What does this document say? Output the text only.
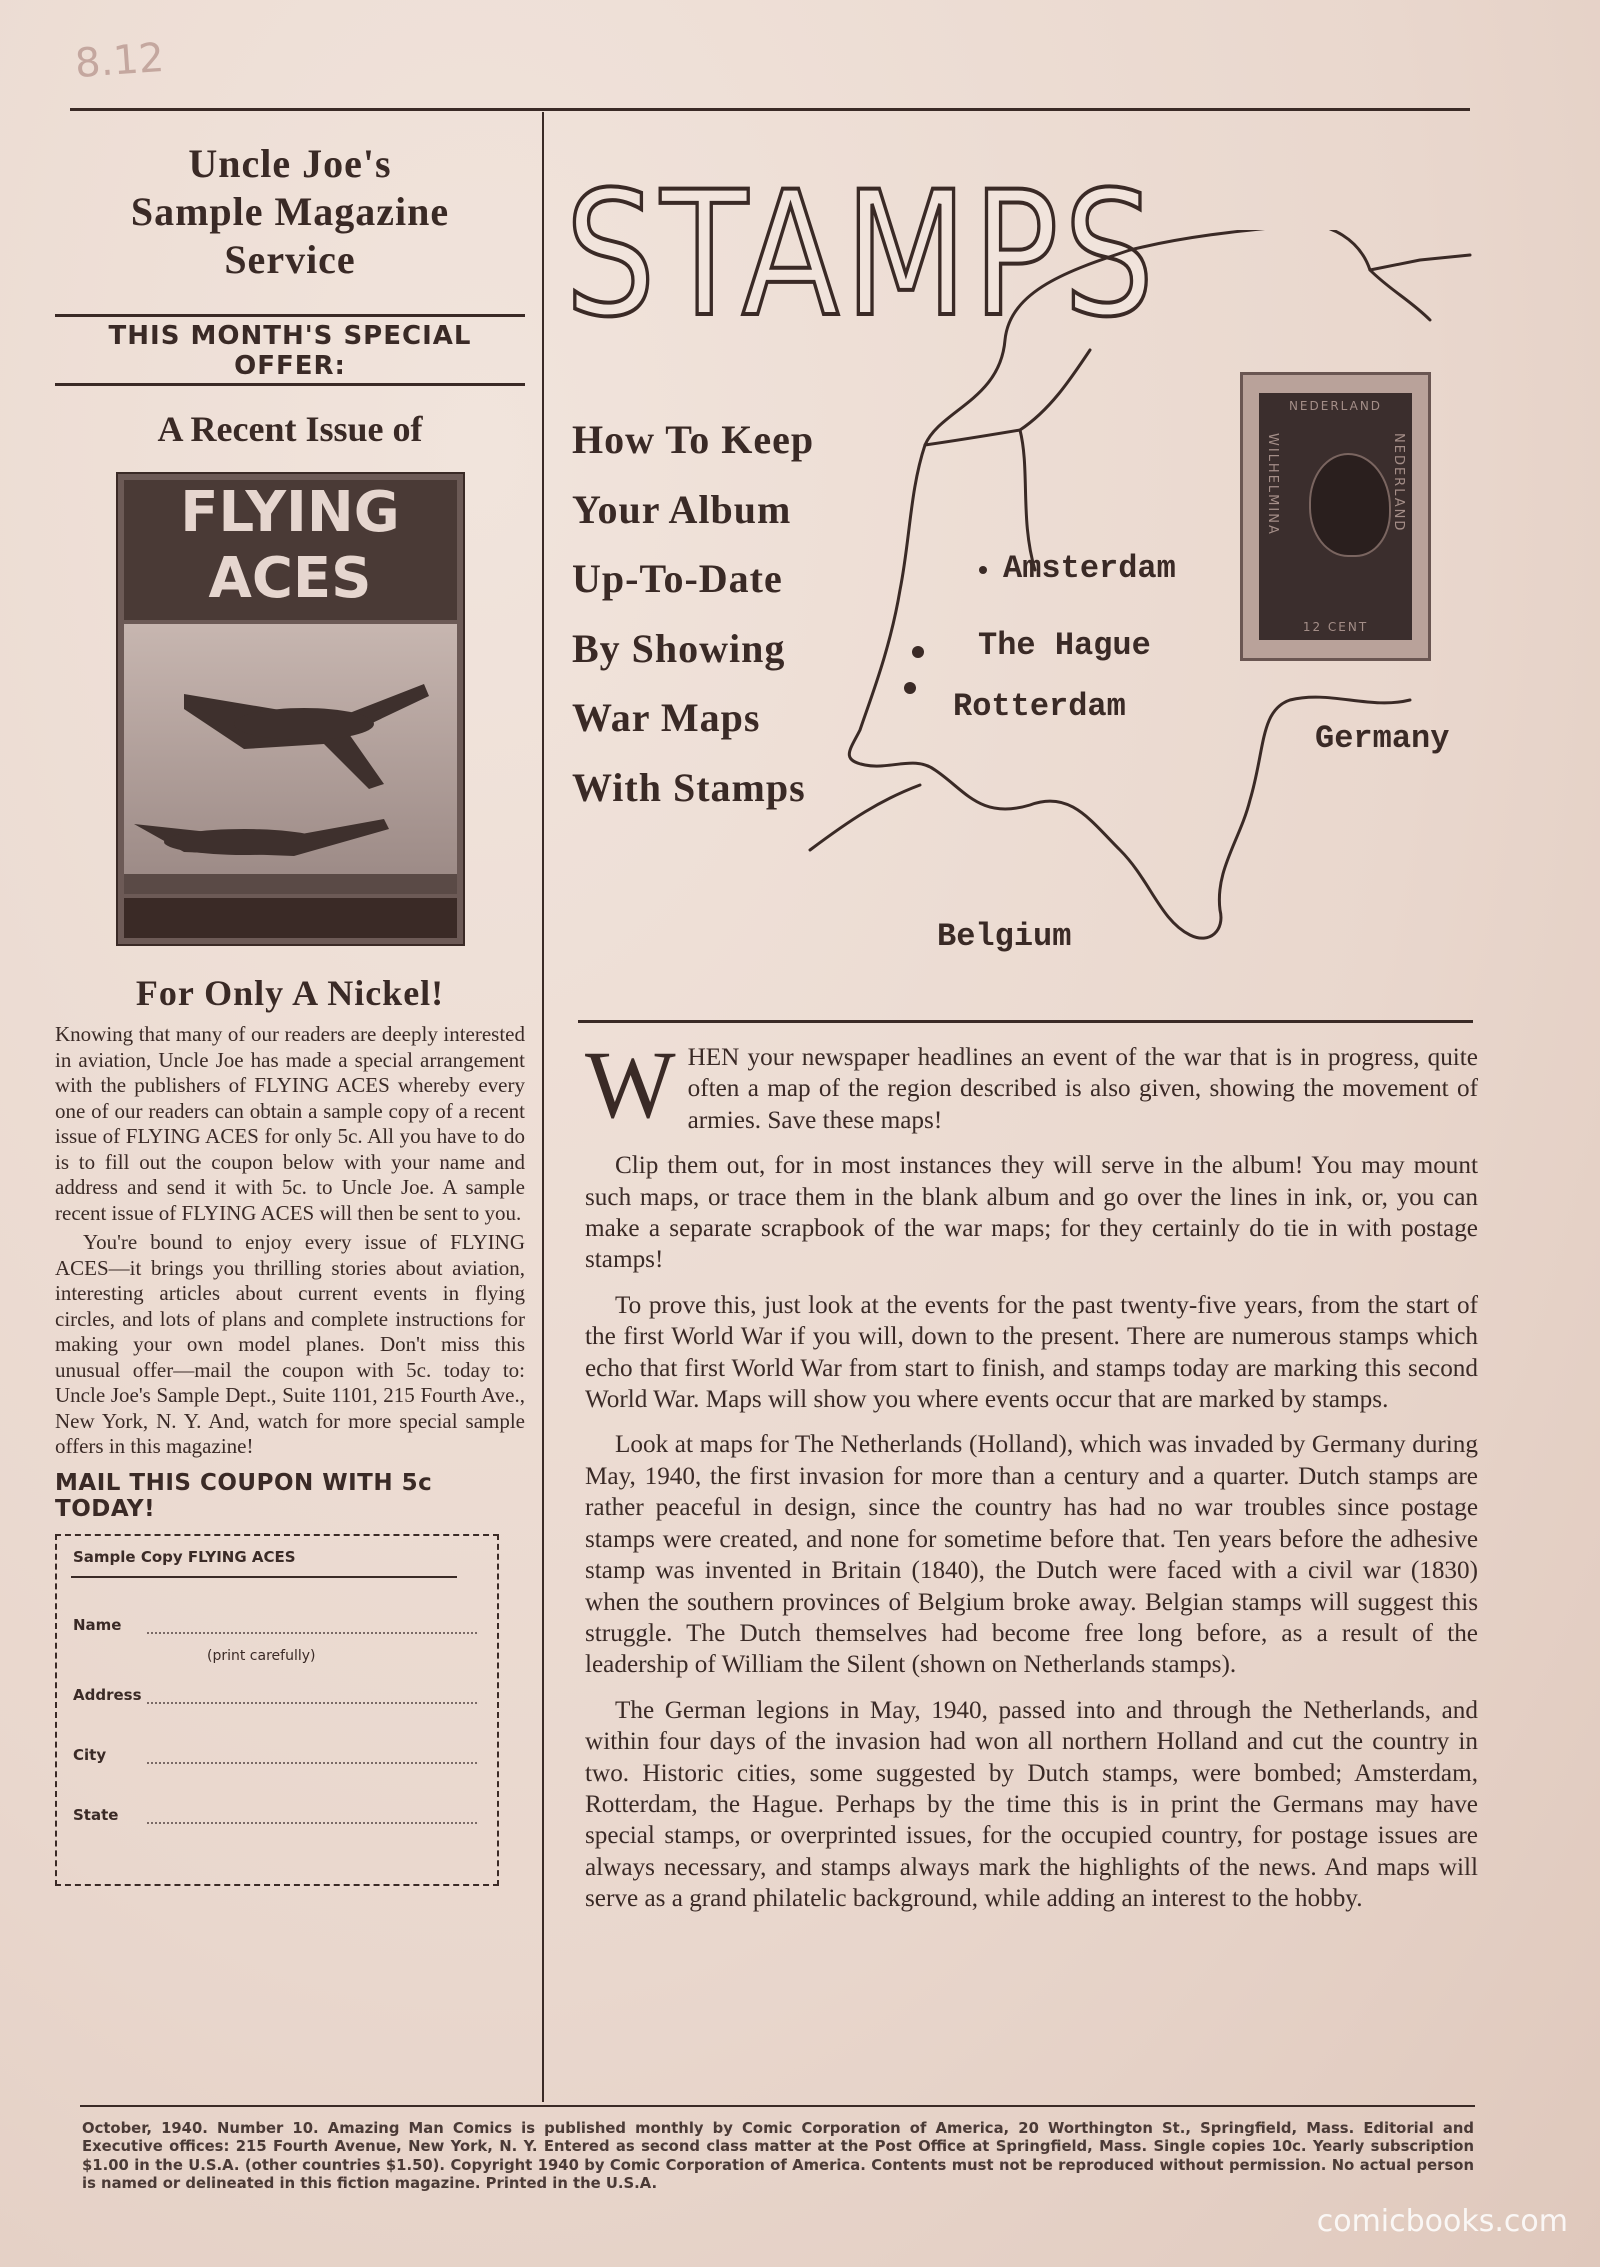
8.12
Uncle Joe's
Sample Magazine
Service
THIS MONTH'S SPECIAL OFFER:
A Recent Issue of
FLYING ACES
For Only A Nickel!

Knowing that many of our readers are deeply interested in aviation, Uncle Joe has made a special arrangement with the publishers of FLYING ACES whereby every one of our readers can obtain a sample copy of a recent issue of FLYING ACES for only 5c. All you have to do is to fill out the coupon below with your name and address and send it with 5c. to Uncle Joe. A sample recent issue of FLYING ACES will then be sent to you.

You're bound to enjoy every issue of FLYING ACES—it brings you thrilling stories about aviation, interesting articles about current events in flying circles, and lots of plans and complete instructions for making your own model planes. Don't miss this unusual offer—mail the coupon with 5c. today to: Uncle Joe's Sample Dept., Suite 1101, 215 Fourth Ave., New York, N. Y. And, watch for more special sample offers in this magazine!

MAIL THIS COUPON WITH 5c TODAY!
Sample Copy FLYING ACES
Name
(print carefully)
Address
City
State
STAMPS
How To Keep
Your Album
Up-To-Date
By Showing
War Maps
With Stamps
Amsterdam
The Hague
Rotterdam
Germany
Belgium
NEDERLAND
WILHELMINA	NEDERLAND
12 CENT

WHEN your newspaper headlines an event of the war that is in progress, quite often a map of the region described is also given, showing the movement of armies. Save these maps!

Clip them out, for in most instances they will serve in the album! You may mount such maps, or trace them in the blank album and go over the lines in ink, or, you can make a separate scrapbook of the war maps; for they certainly do tie in with postage stamps!

To prove this, just look at the events for the past twenty-five years, from the start of the first World War if you will, down to the present. There are numerous stamps which echo that first World War from start to finish, and stamps today are marking this second World War. Maps will show you where events occur that are marked by stamps.

Look at maps for The Netherlands (Holland), which was invaded by Germany during May, 1940, the first invasion for more than a century and a quarter. Dutch stamps are rather peaceful in design, since the country has had no war troubles since postage stamps were created, and none for sometime before that. Ten years before the adhesive stamp was invented in Britain (1840), the Dutch were faced with a civil war (1830) when the southern provinces of Belgium broke away. Belgian stamps will suggest this struggle. The Dutch themselves had become free long before, as a result of the leadership of William the Silent (shown on Netherlands stamps).

The German legions in May, 1940, passed into and through the Netherlands, and within four days of the invasion had won all northern Holland and cut the country in two. Historic cities, some suggested by Dutch stamps, were bombed; Amsterdam, Rotterdam, the Hague. Perhaps by the time this is in print the Germans may have special stamps, or overprinted issues, for the occupied country, for postage issues are always necessary, and stamps always mark the highlights of the news. And maps will serve as a grand philatelic background, while adding an interest to the hobby.

October, 1940. Number 10. Amazing Man Comics is published monthly by Comic Corporation of America, 20 Worthington St., Springfield, Mass. Editorial and Executive offices: 215 Fourth Avenue, New York, N. Y. Entered as second class matter at the Post Office at Springfield, Mass. Single copies 10c. Yearly subscription $1.00 in the U.S.A. (other countries $1.50). Copyright 1940 by Comic Corporation of America. Contents must not be reproduced without permission. No actual person is named or delineated in this fiction magazine. Printed in the U.S.A.
comicbooks.com
